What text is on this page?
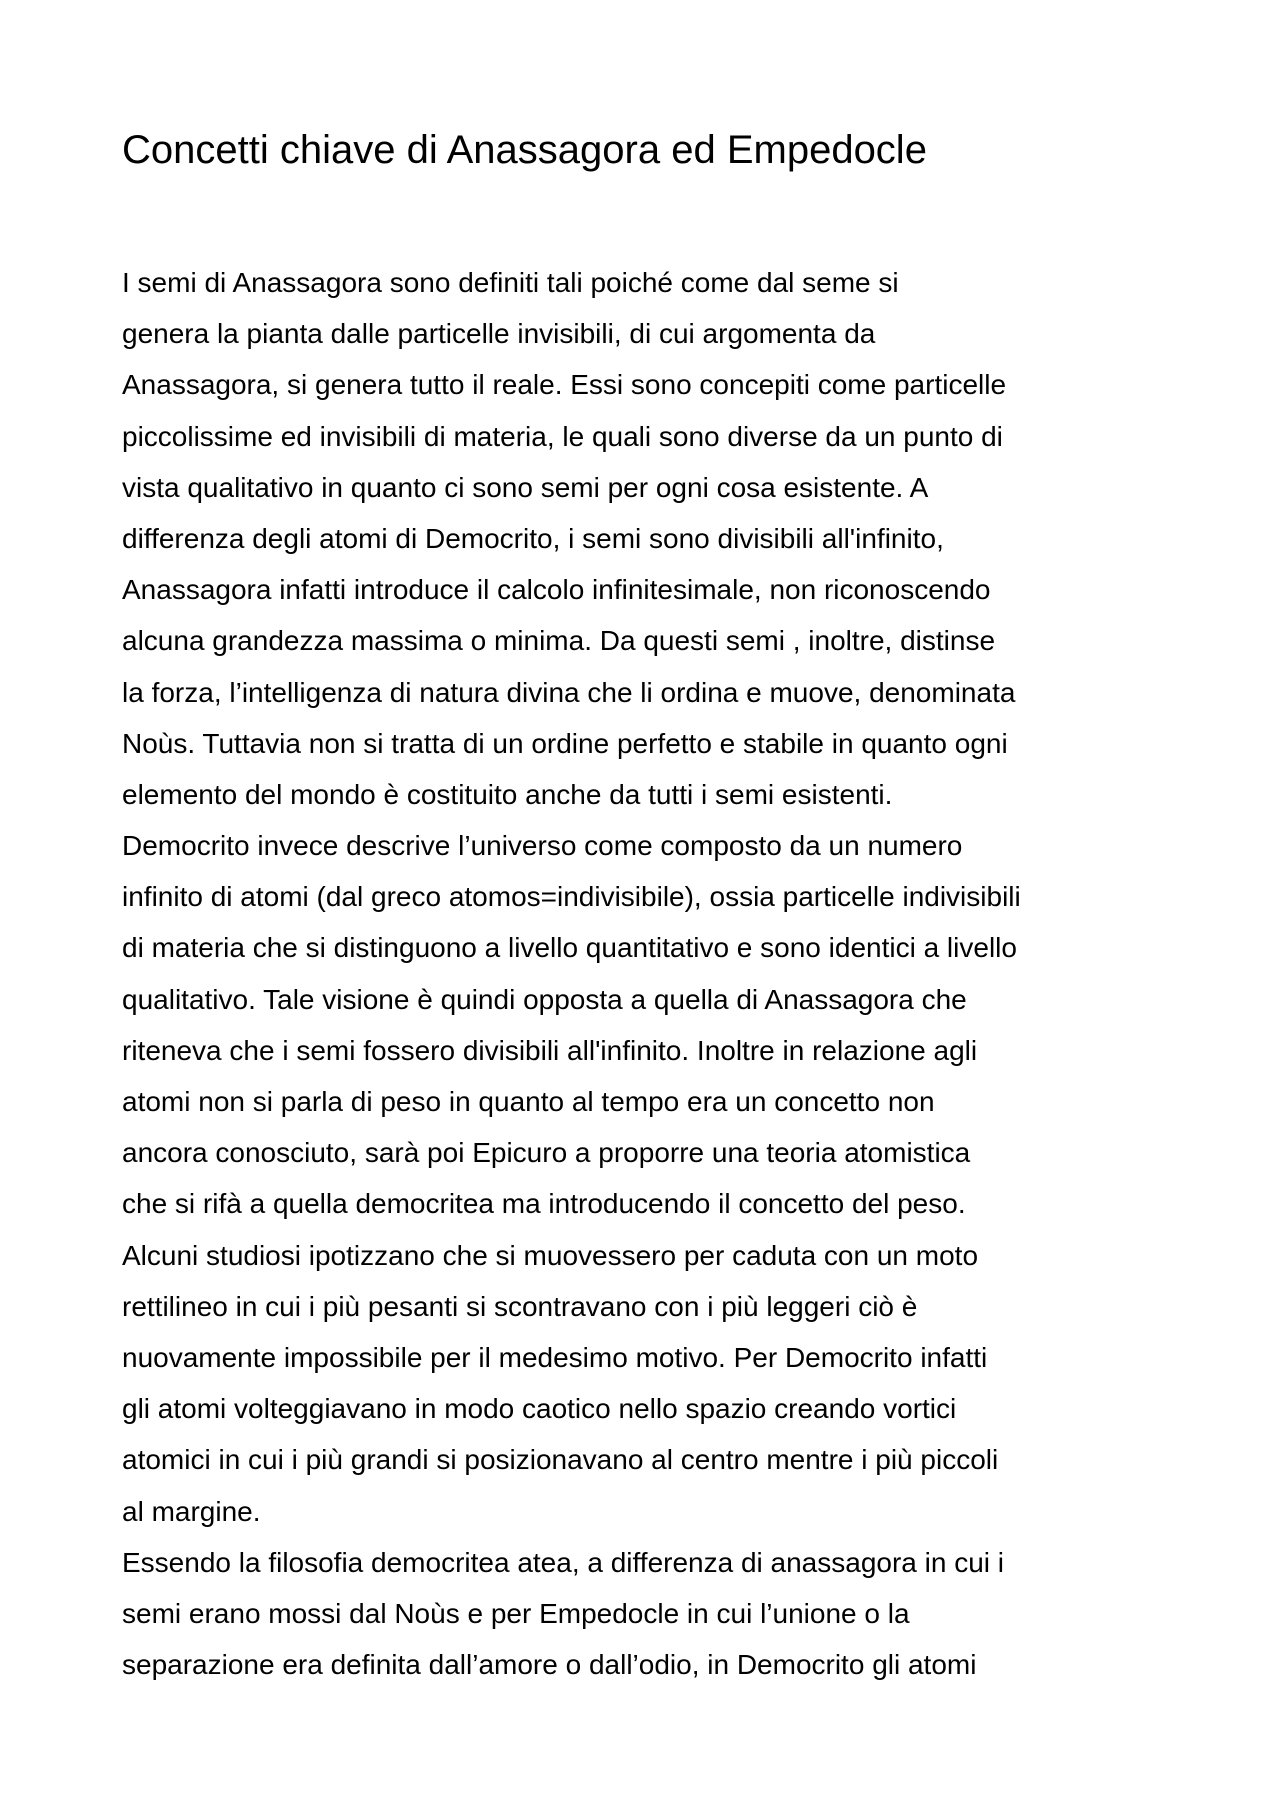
Concetti chiave di Anassagora ed Empedocle
I semi di Anassagora sono definiti tali poiché come dal seme si
genera la pianta dalle particelle invisibili, di cui argomenta da
Anassagora, si genera tutto il reale. Essi sono concepiti come particelle
piccolissime ed invisibili di materia, le quali sono diverse da un punto di
vista qualitativo in quanto ci sono semi per ogni cosa esistente. A
differenza degli atomi di Democrito, i semi sono divisibili all'infinito,
Anassagora infatti introduce il calcolo infinitesimale, non riconoscendo
alcuna grandezza massima o minima. Da questi semi , inoltre, distinse
la forza, l’intelligenza di natura divina che li ordina e muove, denominata
Noùs. Tuttavia non si tratta di un ordine perfetto e stabile in quanto ogni
elemento del mondo è costituito anche da tutti i semi esistenti.
Democrito invece descrive l’universo come composto da un numero
infinito di atomi (dal greco atomos=indivisibile), ossia particelle indivisibili
di materia che si distinguono a livello quantitativo e sono identici a livello
qualitativo. Tale visione è quindi opposta a quella di Anassagora che
riteneva che i semi fossero divisibili all'infinito. Inoltre in relazione agli
atomi non si parla di peso in quanto al tempo era un concetto non
ancora conosciuto, sarà poi Epicuro a proporre una teoria atomistica
che si rifà a quella democritea ma introducendo il concetto del peso.
Alcuni studiosi ipotizzano che si muovessero per caduta con un moto
rettilineo in cui i più pesanti si scontravano con i più leggeri ciò è
nuovamente impossibile per il medesimo motivo. Per Democrito infatti
gli atomi volteggiavano in modo caotico nello spazio creando vortici
atomici in cui i più grandi si posizionavano al centro mentre i più piccoli
al margine.
Essendo la filosofia democritea atea, a differenza di anassagora in cui i
semi erano mossi dal Noùs e per Empedocle in cui l’unione o la
separazione era definita dall’amore o dall’odio, in Democrito gli atomi
